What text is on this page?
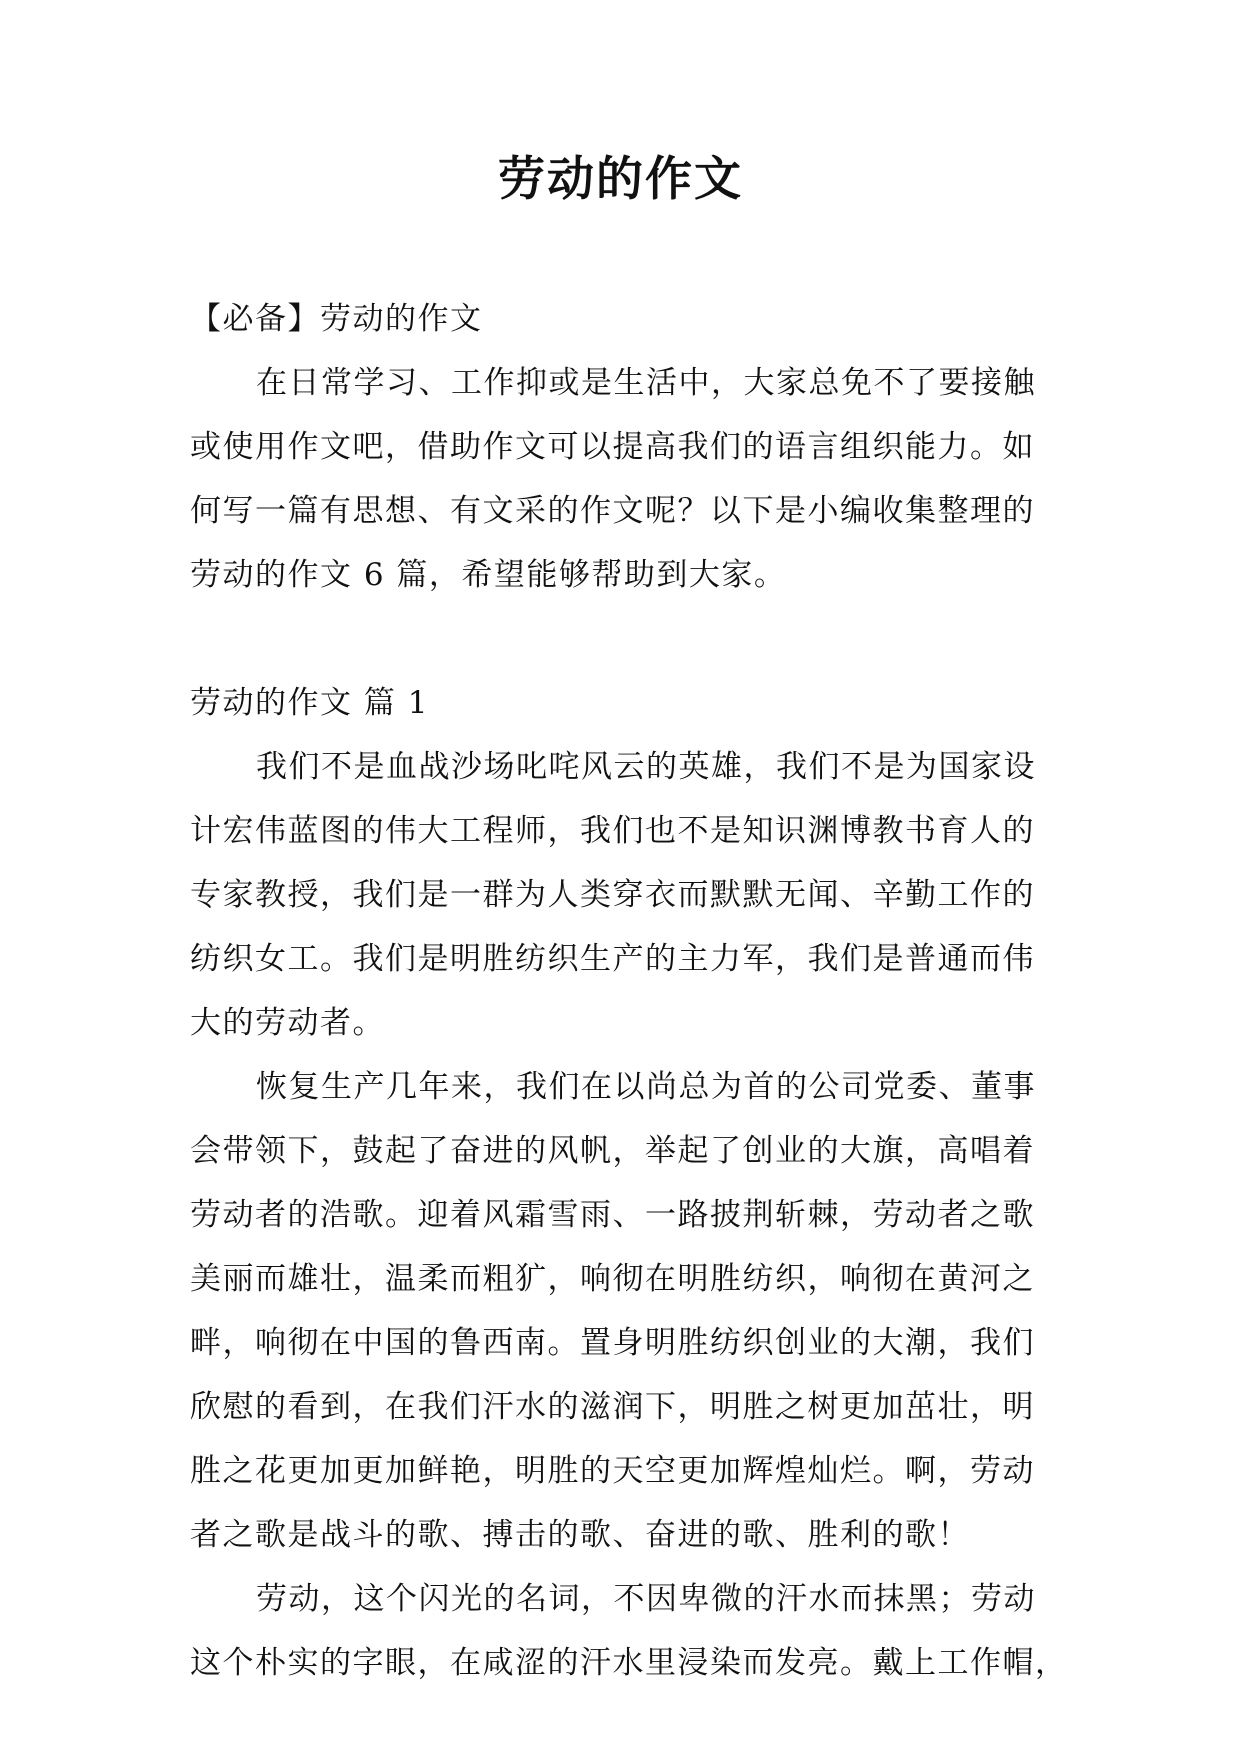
劳动的作文
【必备】劳动的作文
在日常学习、工作抑或是生活中，大家总免不了要接触
或使用作文吧，借助作文可以提高我们的语言组织能力。如
何写一篇有思想、有文采的作文呢？以下是小编收集整理的
劳动的作文 6 篇，希望能够帮助到大家。
劳动的作文 篇 1
我们不是血战沙场叱咤风云的英雄，我们不是为国家设
计宏伟蓝图的伟大工程师，我们也不是知识渊博教书育人的
专家教授，我们是一群为人类穿衣而默默无闻、辛勤工作的
纺织女工。我们是明胜纺织生产的主力军，我们是普通而伟
大的劳动者。
恢复生产几年来，我们在以尚总为首的公司党委、董事
会带领下，鼓起了奋进的风帆，举起了创业的大旗，高唱着
劳动者的浩歌。迎着风霜雪雨、一路披荆斩棘，劳动者之歌
美丽而雄壮，温柔而粗犷，响彻在明胜纺织，响彻在黄河之
畔，响彻在中国的鲁西南。置身明胜纺织创业的大潮，我们
欣慰的看到，在我们汗水的滋润下，明胜之树更加茁壮，明
胜之花更加更加鲜艳，明胜的天空更加辉煌灿烂。啊，劳动
者之歌是战斗的歌、搏击的歌、奋进的歌、胜利的歌！
劳动，这个闪光的名词，不因卑微的汗水而抹黑；劳动
这个朴实的字眼，在咸涩的汗水里浸染而发亮。戴上工作帽，
